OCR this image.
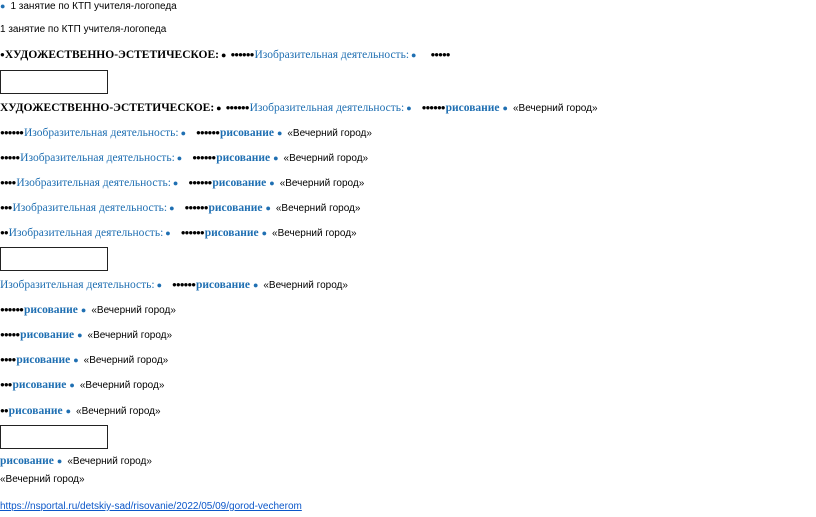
● 1 занятие по КТП учителя-логопеда
1 занятие по КТП учителя-логопеда
●ХУДОЖЕСТВЕННО-ЭСТЕТИЧЕСКОЕ: ● ●●●●●●Изобразительная деятельность: ● ●●●●●
ХУДОЖЕСТВЕННО-ЭСТЕТИЧЕСКОЕ: ● ●●●●●●Изобразительная деятельность: ● ●●●●●●рисование ● «Вечерний город»
●●●●●●Изобразительная деятельность: ● ●●●●●●рисование ● «Вечерний город»
●●●●●Изобразительная деятельность: ● ●●●●●●рисование ● «Вечерний город»
●●●●Изобразительная деятельность: ● ●●●●●●рисование ● «Вечерний город»
●●●Изобразительная деятельность: ● ●●●●●●рисование ● «Вечерний город»
●●Изобразительная деятельность: ● ●●●●●●рисование ● «Вечерний город»
Изобразительная деятельность: ● ●●●●●●рисование ● «Вечерний город»
●●●●●●рисование ● «Вечерний город»
●●●●●рисование ● «Вечерний город»
●●●●рисование ● «Вечерний город»
●●●рисование ● «Вечерний город»
●●рисование ● «Вечерний город»
рисование ● «Вечерний город»
«Вечерний город»
https://nsportal.ru/detskiy-sad/risovanie/2022/05/09/gorod-vecherom
